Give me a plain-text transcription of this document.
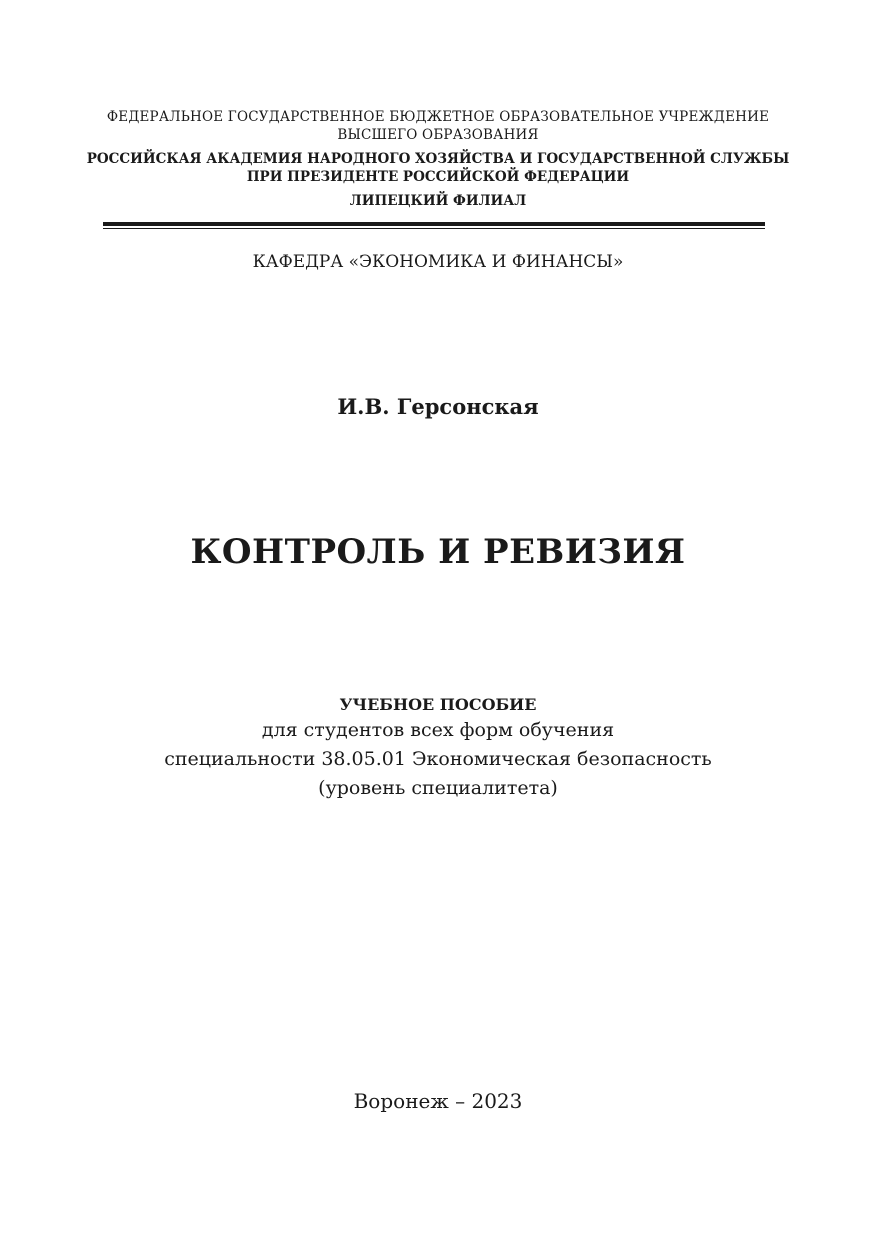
ФЕДЕРАЛЬНОЕ ГОСУДАРСТВЕННОЕ БЮДЖЕТНОЕ ОБРАЗОВАТЕЛЬНОЕ УЧРЕЖДЕНИЕ
ВЫСШЕГО ОБРАЗОВАНИЯ
РОССИЙСКАЯ АКАДЕМИЯ НАРОДНОГО ХОЗЯЙСТВА И ГОСУДАРСТВЕННОЙ СЛУЖБЫ
ПРИ ПРЕЗИДЕНТЕ РОССИЙСКОЙ ФЕДЕРАЦИИ
ЛИПЕЦКИЙ ФИЛИАЛ
КАФЕДРА «ЭКОНОМИКА И ФИНАНСЫ»
И.В. Герсонская
КОНТРОЛЬ И РЕВИЗИЯ
УЧЕБНОЕ ПОСОБИЕ
для студентов всех форм обучения
специальности 38.05.01 Экономическая безопасность
(уровень специалитета)
Воронеж – 2023
